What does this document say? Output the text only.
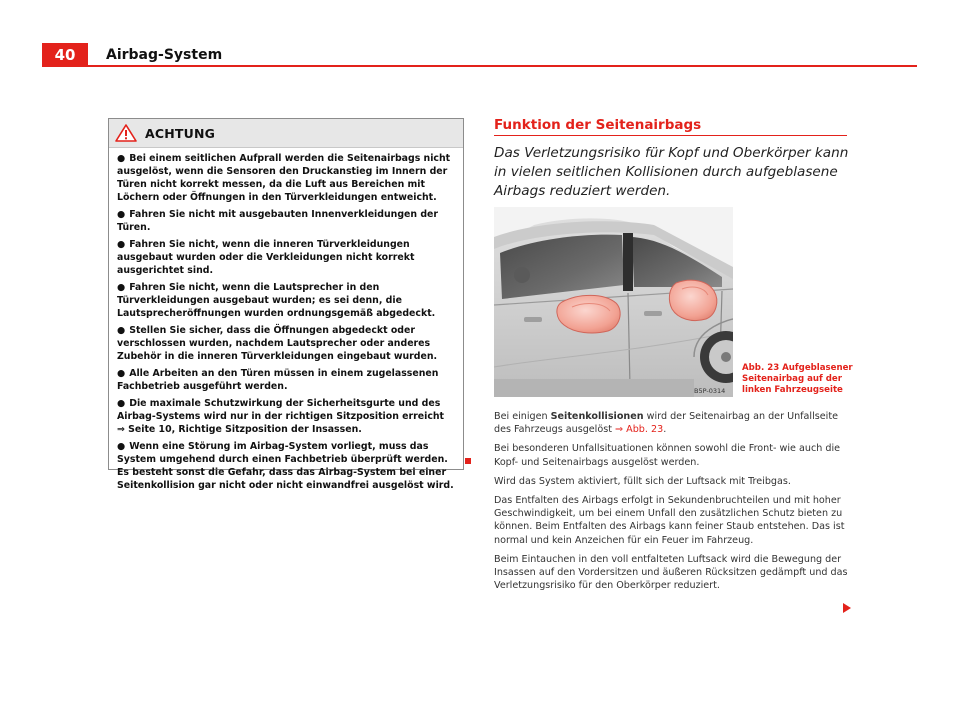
40	Airbag-System
ACHTUNG

● Bei einem seitlichen Aufprall werden die Seitenairbags nicht ausgelöst, wenn die Sensoren den Druckanstieg im Innern der Türen nicht korrekt messen, da die Luft aus Bereichen mit Löchern oder Öffnungen in den Türverkleidungen entweicht.

● Fahren Sie nicht mit ausgebauten Innenverkleidungen der Türen.

● Fahren Sie nicht, wenn die inneren Türverkleidungen ausgebaut wurden oder die Verkleidungen nicht korrekt ausgerichtet sind.

● Fahren Sie nicht, wenn die Lautsprecher in den Türverkleidungen ausgebaut wurden; es sei denn, die Lautsprecheröffnungen wurden ordnungsgemäß abgedeckt.

● Stellen Sie sicher, dass die Öffnungen abgedeckt oder verschlossen wurden, nachdem Lautsprecher oder anderes Zubehör in die inneren Türverkleidungen eingebaut wurden.

● Alle Arbeiten an den Türen müssen in einem zugelassenen Fachbetrieb ausgeführt werden.

● Die maximale Schutzwirkung der Sicherheitsgurte und des Airbag-Systems wird nur in der richtigen Sitzposition erreicht ⇒ Seite 10, Richtige Sitzposition der Insassen.

● Wenn eine Störung im Airbag-System vorliegt, muss das System umgehend durch einen Fachbetrieb überprüft werden. Es besteht sonst die Gefahr, dass das Airbag-System bei einer Seitenkollision gar nicht oder nicht einwandfrei ausgelöst wird.

Funktion der Seitenairbags
Das Verletzungsrisiko für Kopf und Oberkörper kann in vielen seitlichen Kollisionen durch aufgeblasene Airbags reduziert werden.
B5P-0314
Abb. 23 Aufgeblasener Seitenairbag auf der linken Fahrzeugseite

Bei einigen Seitenkollisionen wird der Seitenairbag an der Unfallseite des Fahrzeugs ausgelöst ⇒ Abb. 23.

Bei besonderen Unfallsituationen können sowohl die Front- wie auch die Kopf- und Seitenairbags ausgelöst werden.

Wird das System aktiviert, füllt sich der Luftsack mit Treibgas.

Das Entfalten des Airbags erfolgt in Sekundenbruchteilen und mit hoher Geschwindigkeit, um bei einem Unfall den zusätzlichen Schutz bieten zu können. Beim Entfalten des Airbags kann feiner Staub entstehen. Das ist normal und kein Anzeichen für ein Feuer im Fahrzeug.

Beim Eintauchen in den voll entfalteten Luftsack wird die Bewegung der Insassen auf den Vordersitzen und äußeren Rücksitzen gedämpft und das Verletzungsrisiko für den Oberkörper reduziert.
